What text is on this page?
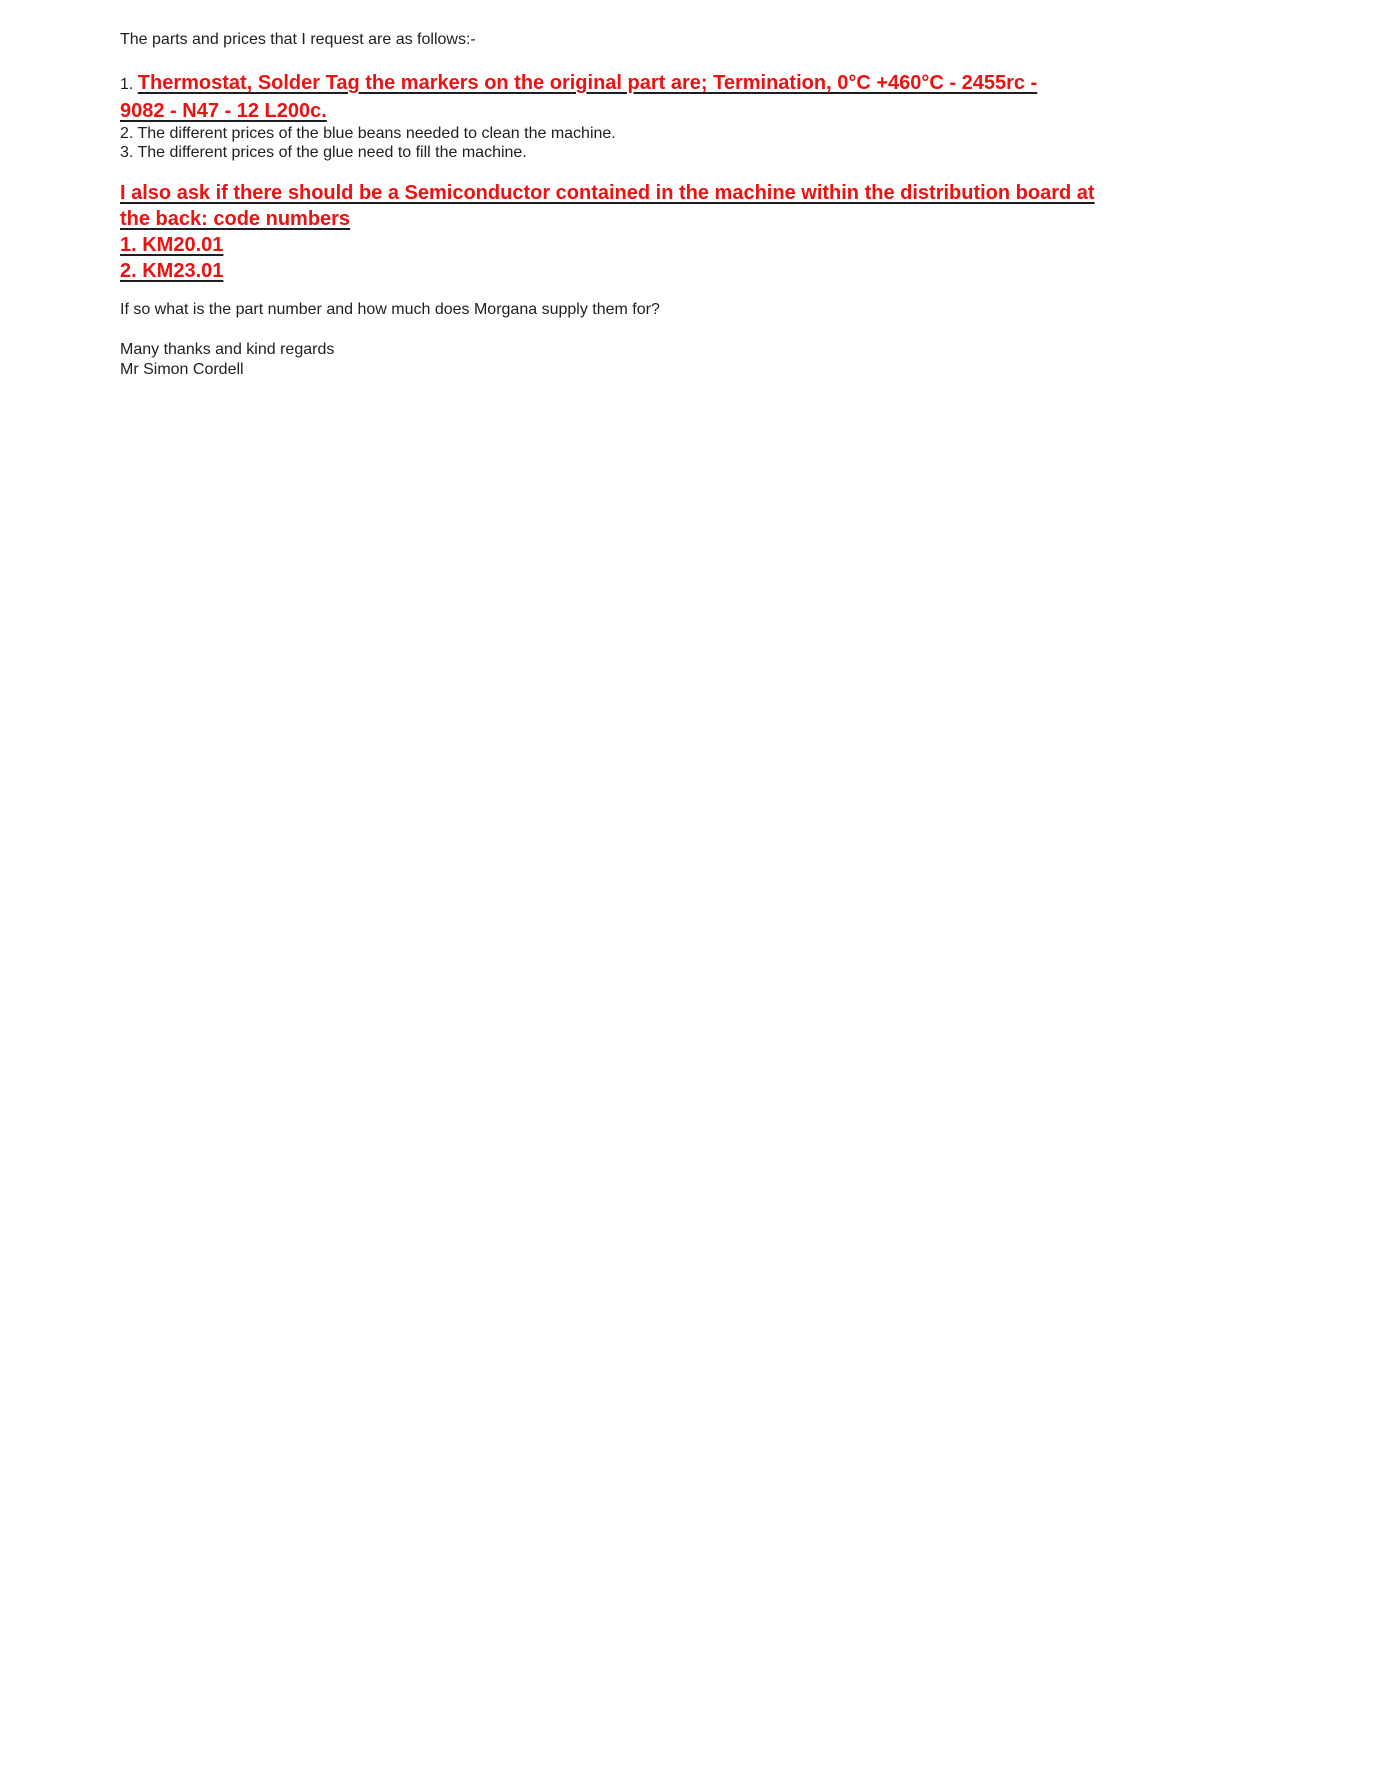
The parts and prices that I request are as follows:-

1. Thermostat, Solder Tag the markers on the original part are; Termination, 0°C +460°C - 2455rc -

9082 - N47 - 12 L200c.

2. The different prices of the blue beans needed to clean the machine.

3. The different prices of the glue need to fill the machine.

I also ask if there should be a Semiconductor contained in the machine within the distribution board at

the back: code numbers

1. KM20.01

2. KM23.01

If so what is the part number and how much does Morgana supply them for?

Many thanks and kind regards

Mr Simon Cordell
